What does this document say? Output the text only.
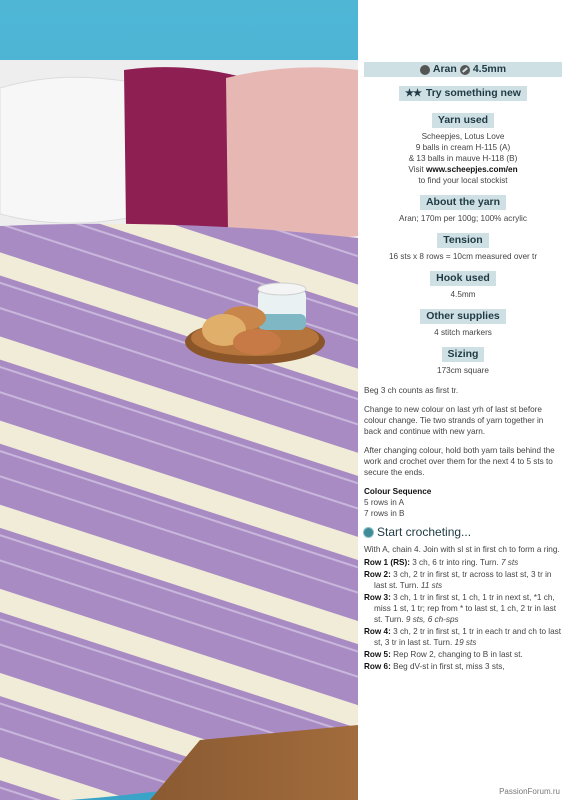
Aran 4.5mm
★★ Try something new
Yarn used
Scheepjes, Lotus Love
9 balls in cream H-115 (A)
& 13 balls in mauve H-118 (B)
Visit www.scheepjes.com/en
to find your local stockist
About the yarn
Aran; 170m per 100g; 100% acrylic
Tension
16 sts x 8 rows = 10cm measured over tr
Hook used
4.5mm
Other supplies
4 stitch markers
Sizing
173cm square

Beg 3 ch counts as first tr.

Change to new colour on last yrh of last st before colour change. Tie two strands of yarn together in back and continue with new yarn.

After changing colour, hold both yarn tails behind the work and crochet over them for the next 4 to 5 sts to secure the ends.

Colour Sequence
5 rows in A
7 rows in B
Start crocheting...

With A, chain 4. Join with sl st in first ch to form a ring.

Row 1 (RS): 3 ch, 6 tr into ring. Turn. 7 sts
Row 2: 3 ch, 2 tr in first st, tr across to last st, 3 tr in last st. Turn. 11 sts
Row 3: 3 ch, 1 tr in first st, 1 ch, 1 tr in next st, *1 ch, miss 1 st, 1 tr; rep from * to last st, 1 ch, 2 tr in last st. Turn. 9 sts, 6 ch-sps
Row 4: 3 ch, 2 tr in first st, 1 tr in each tr and ch to last st, 3 tr in last st. Turn. 19 sts
Row 5: Rep Row 2, changing to B in last st.
Row 6: Beg dV-st in first st, miss 3 sts,
PassionForum.ru
